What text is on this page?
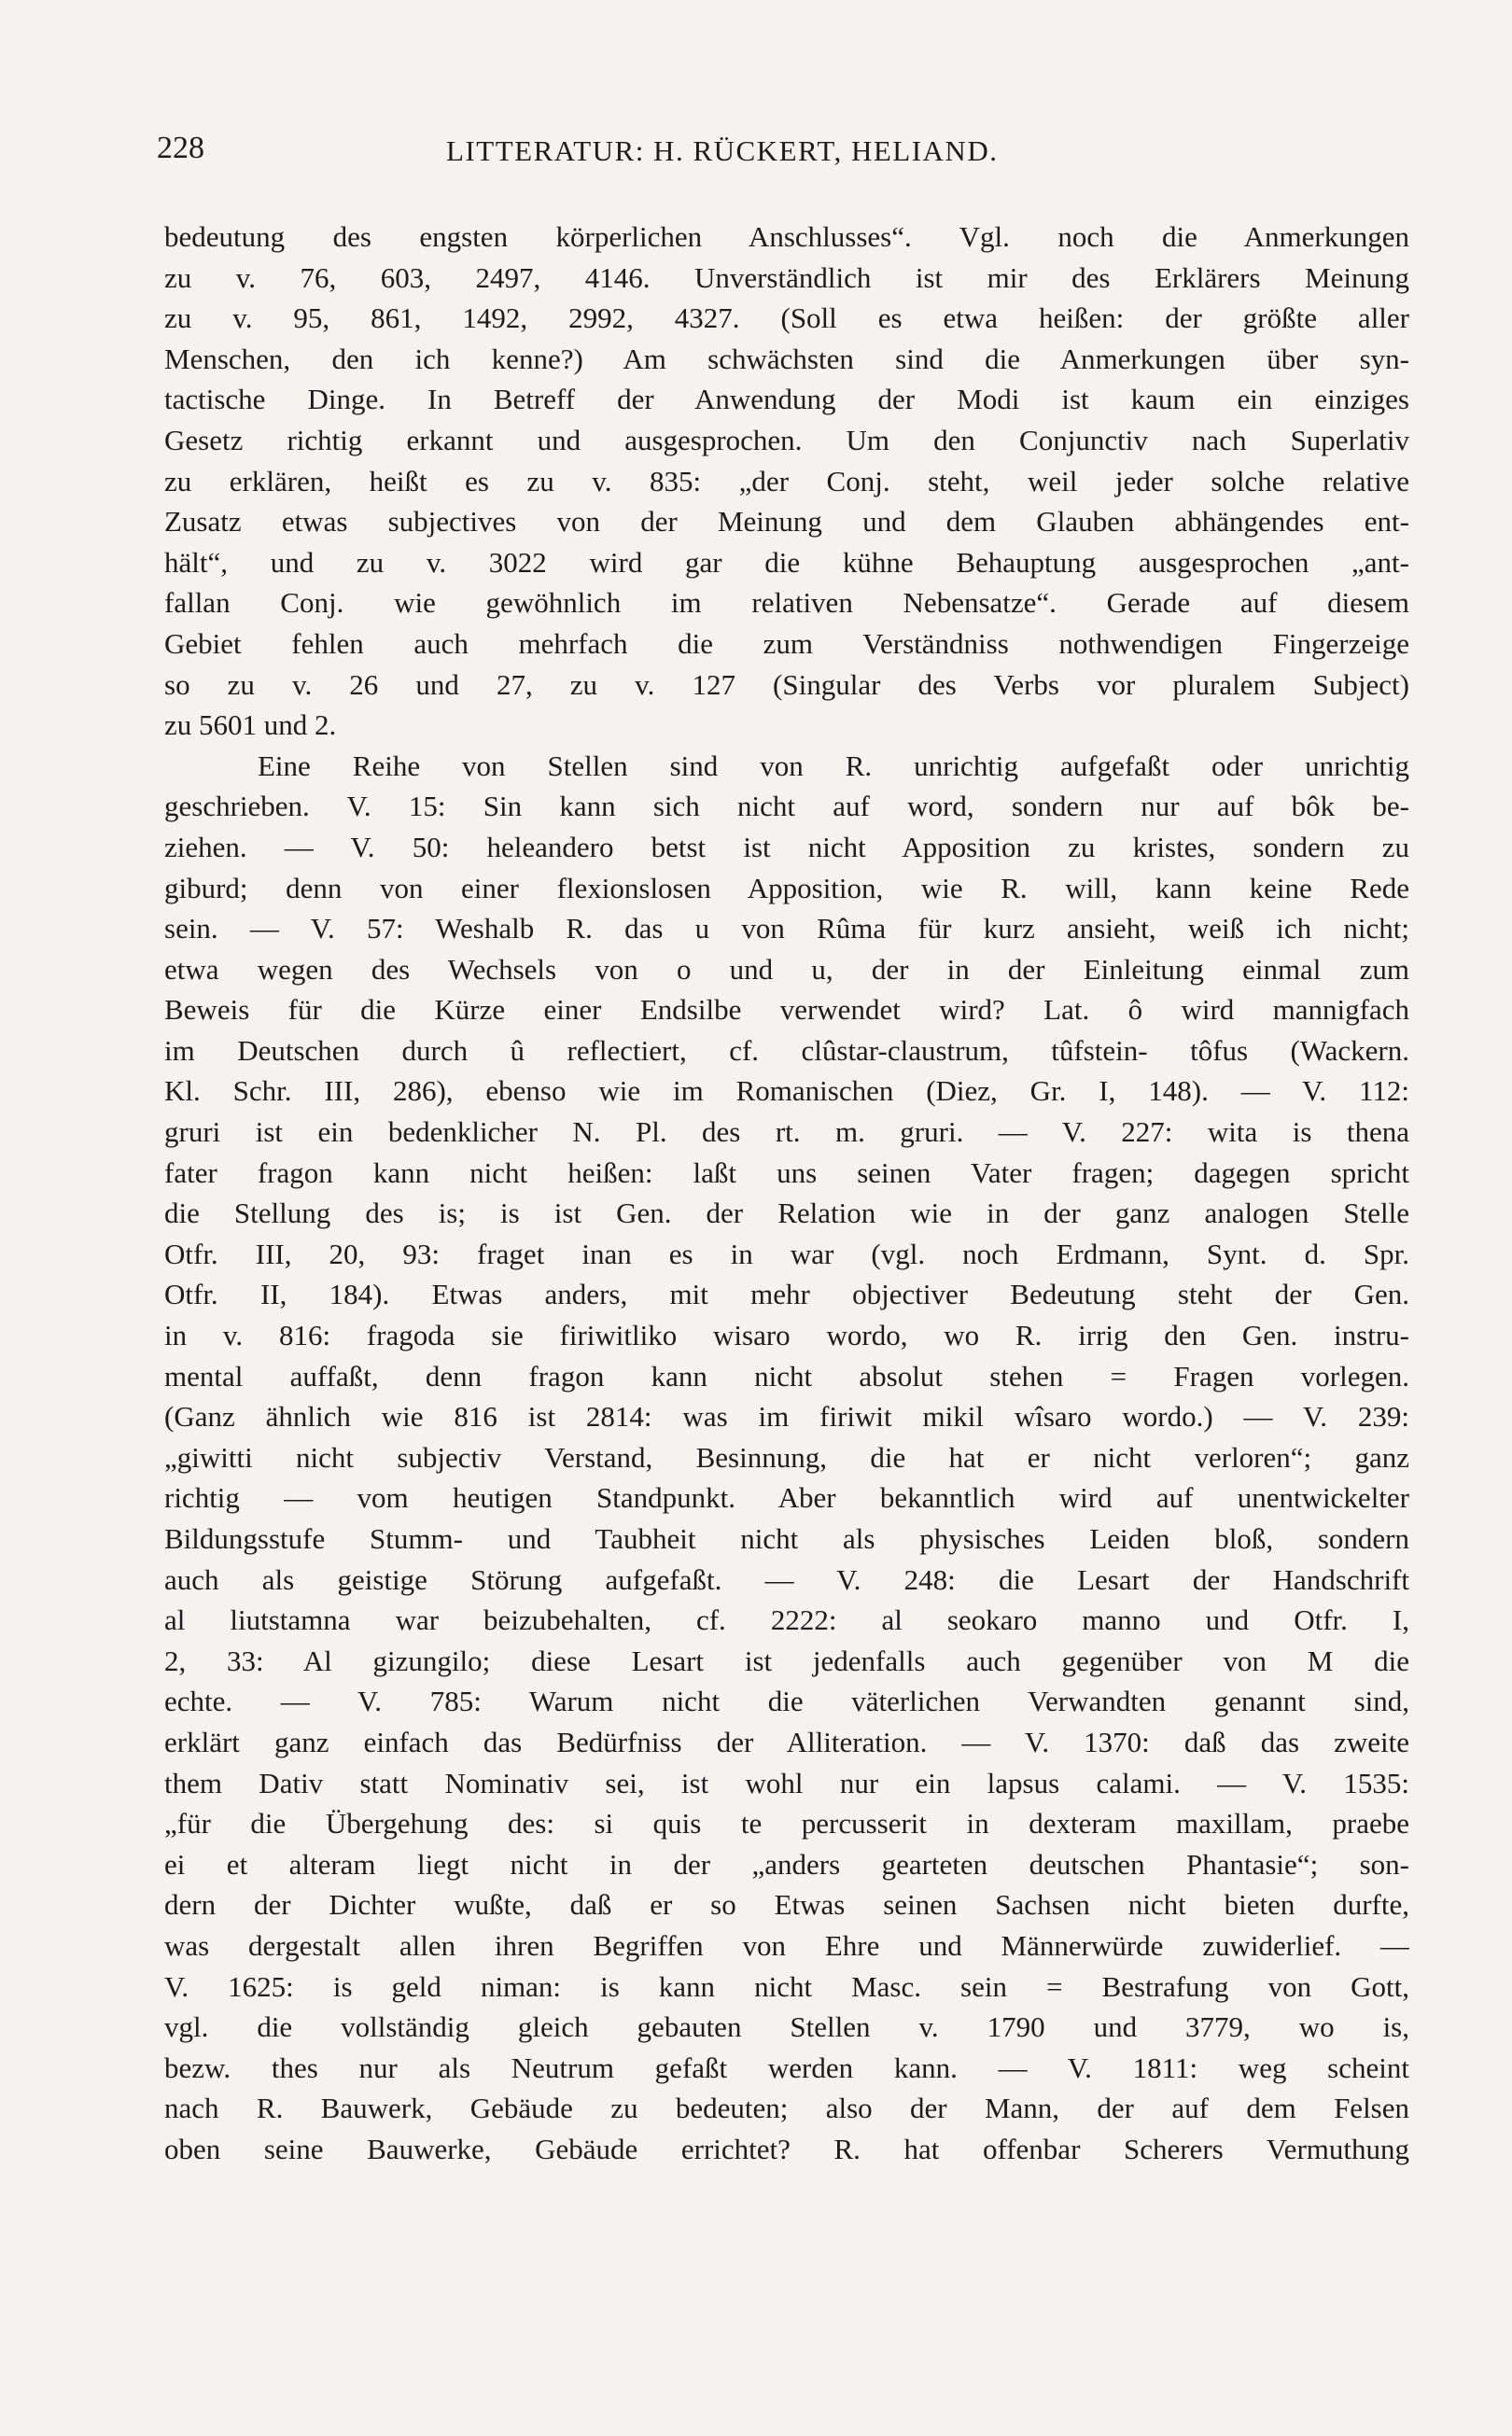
228	LITTERATUR: H. RÜCKERT, HELIAND.
bedeutung des engsten körperlichen Anschlusses“. Vgl. noch die Anmerkungen
zu v. 76, 603, 2497, 4146. Unverständlich ist mir des Erklärers Meinung
zu v. 95, 861, 1492, 2992, 4327. (Soll es etwa heißen: der größte aller
Menschen, den ich kenne?) Am schwächsten sind die Anmerkungen über syn-
tactische Dinge. In Betreff der Anwendung der Modi ist kaum ein einziges
Gesetz richtig erkannt und ausgesprochen. Um den Conjunctiv nach Superlativ
zu erklären, heißt es zu v. 835: „der Conj. steht, weil jeder solche relative
Zusatz etwas subjectives von der Meinung und dem Glauben abhängendes ent-
hält“, und zu v. 3022 wird gar die kühne Behauptung ausgesprochen „ant-
fallan Conj. wie gewöhnlich im relativen Nebensatze“. Gerade auf diesem
Gebiet fehlen auch mehrfach die zum Verständniss nothwendigen Fingerzeige
so zu v. 26 und 27, zu v. 127 (Singular des Verbs vor pluralem Subject)
zu 5601 und 2.
Eine Reihe von Stellen sind von R. unrichtig aufgefaßt oder unrichtig
geschrieben. V. 15: Sin kann sich nicht auf word, sondern nur auf bôk be-
ziehen. — V. 50: heleandero betst ist nicht Apposition zu kristes, sondern zu
giburd; denn von einer flexionslosen Apposition, wie R. will, kann keine Rede
sein. — V. 57: Weshalb R. das u von Rûma für kurz ansieht, weiß ich nicht;
etwa wegen des Wechsels von o und u, der in der Einleitung einmal zum
Beweis für die Kürze einer Endsilbe verwendet wird? Lat. ô wird mannigfach
im Deutschen durch û reflectiert, cf. clûstar-claustrum, tûfstein- tôfus (Wackern.
Kl. Schr. III, 286), ebenso wie im Romanischen (Diez, Gr. I, 148). — V. 112:
gruri ist ein bedenklicher N. Pl. des rt. m. gruri. — V. 227: wita is thena
fater fragon kann nicht heißen: laßt uns seinen Vater fragen; dagegen spricht
die Stellung des is; is ist Gen. der Relation wie in der ganz analogen Stelle
Otfr. III, 20, 93: fraget inan es in war (vgl. noch Erdmann, Synt. d. Spr.
Otfr. II, 184). Etwas anders, mit mehr objectiver Bedeutung steht der Gen.
in v. 816: fragoda sie firiwitliko wisaro wordo, wo R. irrig den Gen. instru-
mental auffaßt, denn fragon kann nicht absolut stehen = Fragen vorlegen.
(Ganz ähnlich wie 816 ist 2814: was im firiwit mikil wîsaro wordo.) — V. 239:
„giwitti nicht subjectiv Verstand, Besinnung, die hat er nicht verloren“; ganz
richtig — vom heutigen Standpunkt. Aber bekanntlich wird auf unentwickelter
Bildungsstufe Stumm- und Taubheit nicht als physisches Leiden bloß, sondern
auch als geistige Störung aufgefaßt. — V. 248: die Lesart der Handschrift
al liutstamna war beizubehalten, cf. 2222: al seokaro manno und Otfr. I,
2, 33: Al gizungilo; diese Lesart ist jedenfalls auch gegenüber von M die
echte. — V. 785: Warum nicht die väterlichen Verwandten genannt sind,
erklärt ganz einfach das Bedürfniss der Alliteration. — V. 1370: daß das zweite
them Dativ statt Nominativ sei, ist wohl nur ein lapsus calami. — V. 1535:
„für die Übergehung des: si quis te percusserit in dexteram maxillam, praebe
ei et alteram liegt nicht in der „anders gearteten deutschen Phantasie“; son-
dern der Dichter wußte, daß er so Etwas seinen Sachsen nicht bieten durfte,
was dergestalt allen ihren Begriffen von Ehre und Männerwürde zuwiderlief. —
V. 1625: is geld niman: is kann nicht Masc. sein = Bestrafung von Gott,
vgl. die vollständig gleich gebauten Stellen v. 1790 und 3779, wo is,
bezw. thes nur als Neutrum gefaßt werden kann. — V. 1811: weg scheint
nach R. Bauwerk, Gebäude zu bedeuten; also der Mann, der auf dem Felsen
oben seine Bauwerke, Gebäude errichtet? R. hat offenbar Scherers Vermuthung
